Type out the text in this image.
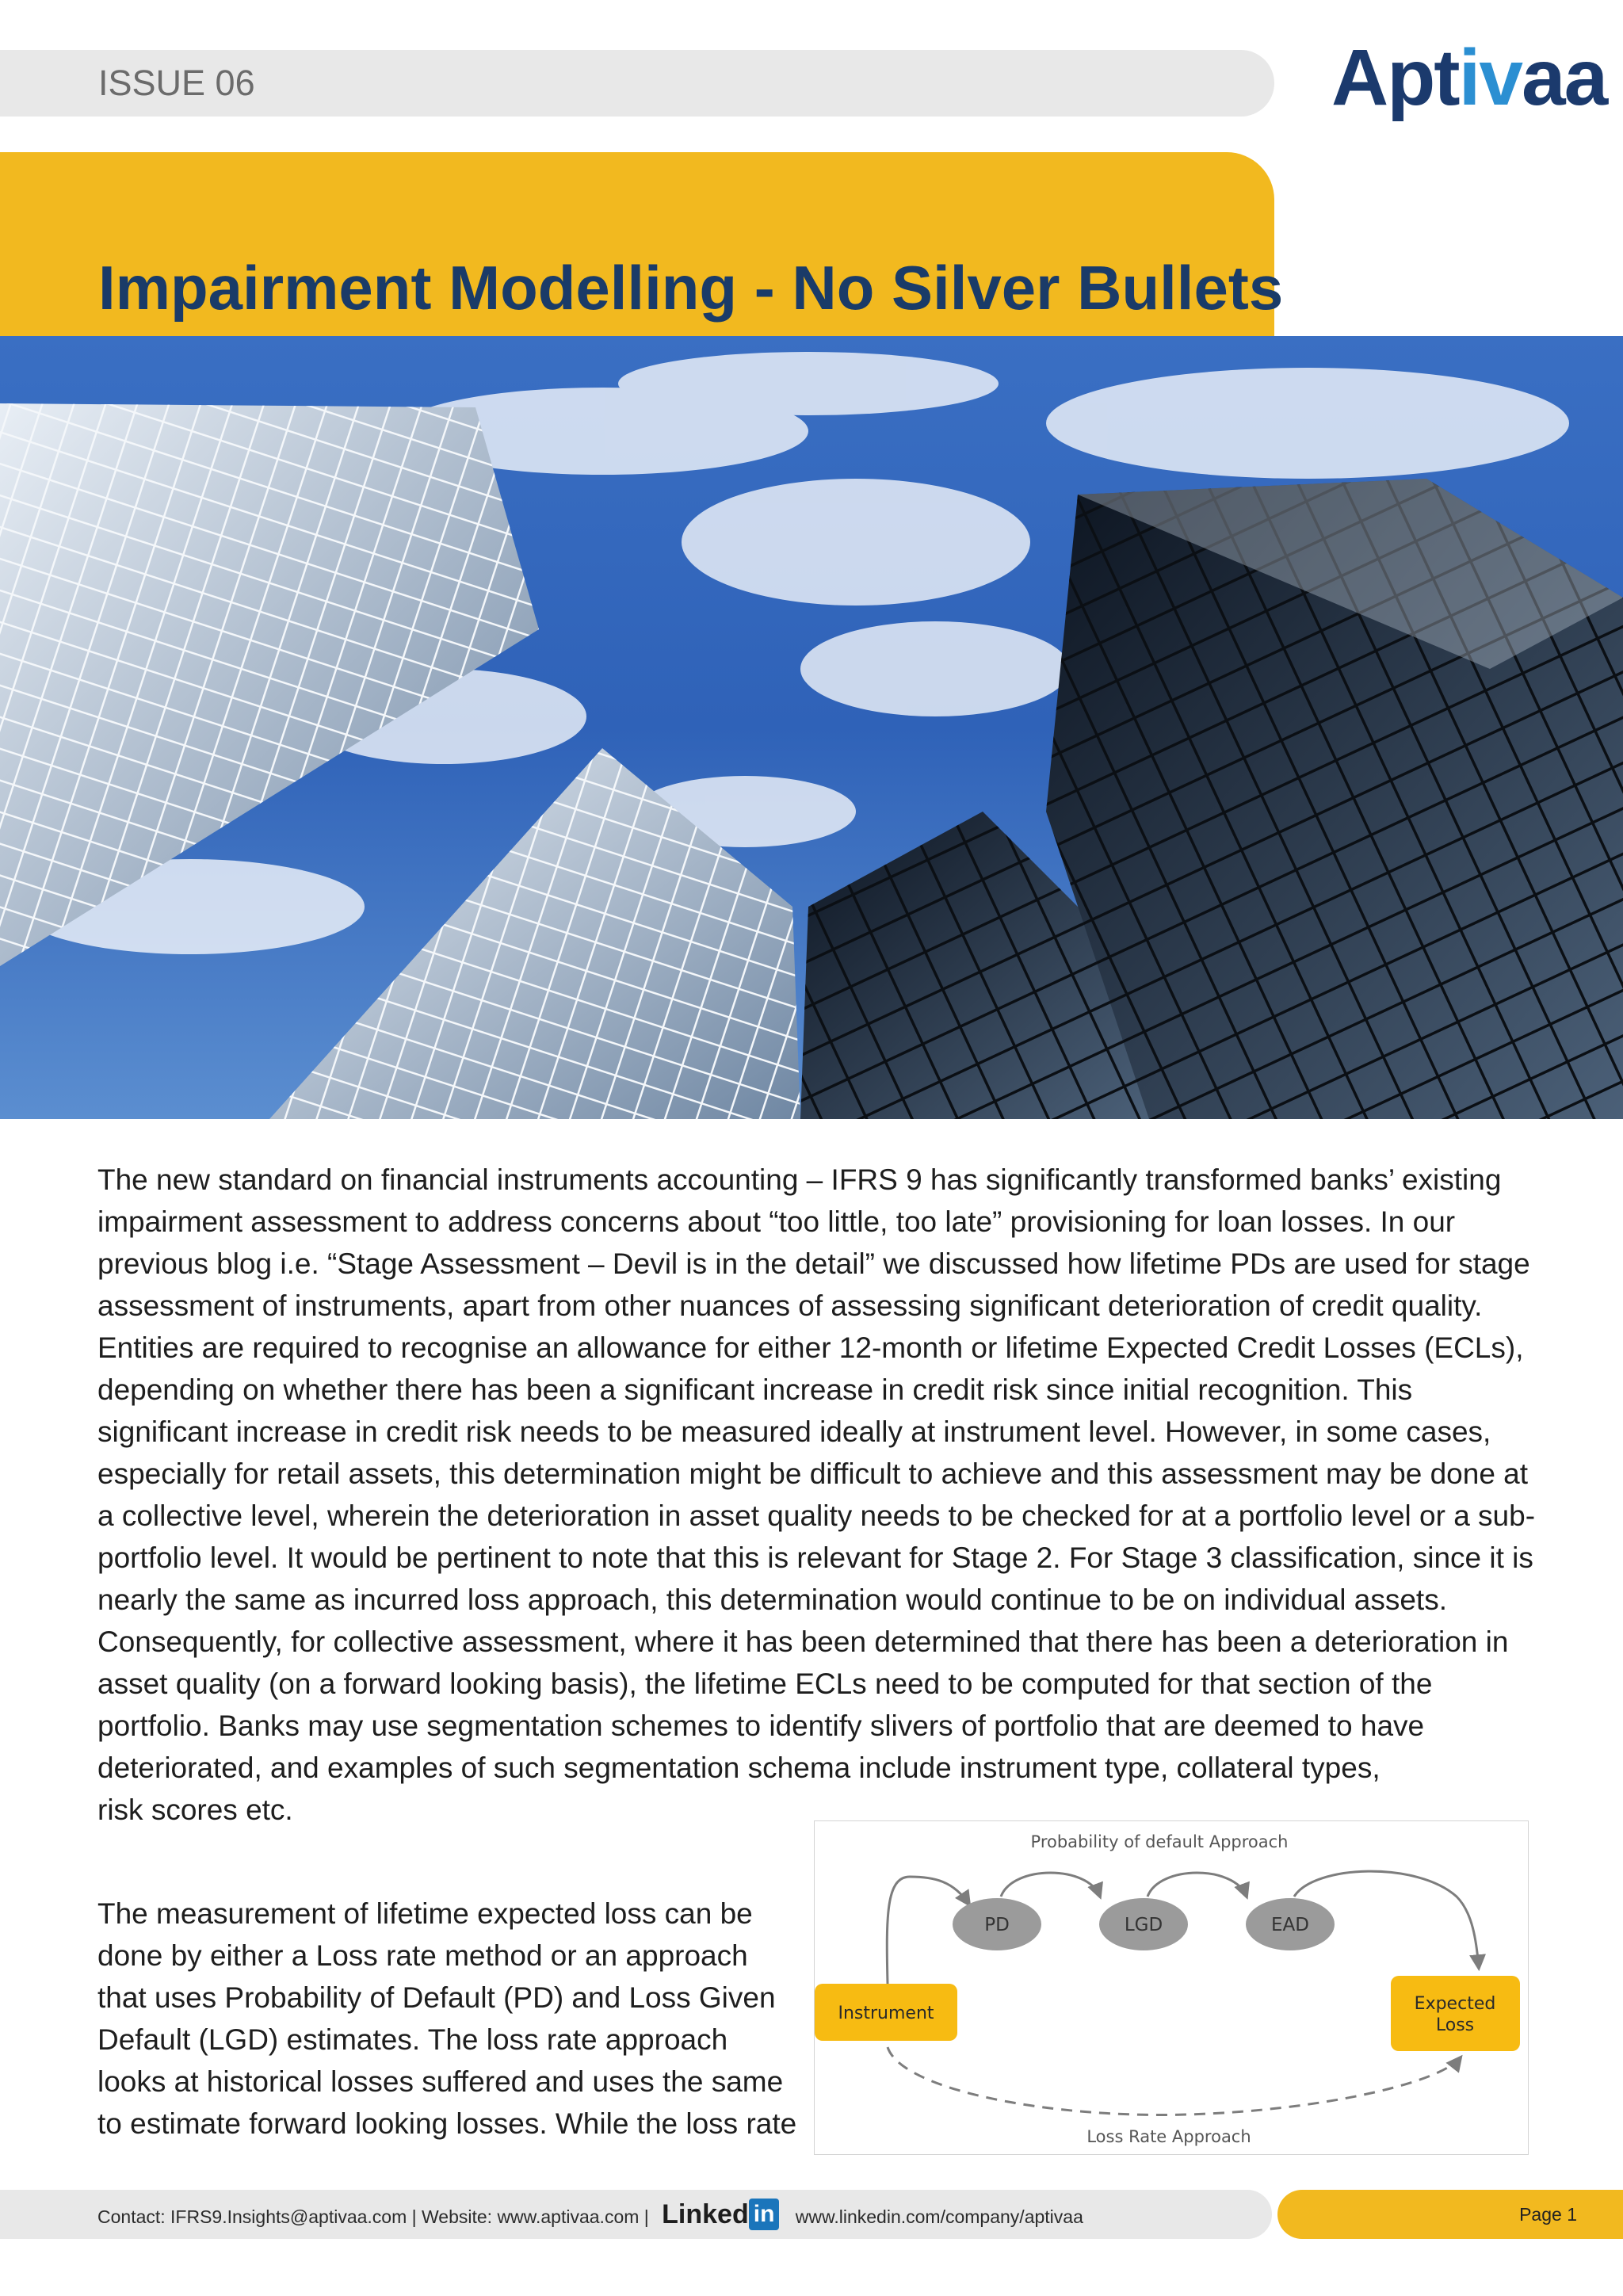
ISSUE 06	Aptivaa
Impairment Modelling - No Silver Bullets

The new standard on financial instruments accounting – IFRS 9 has significantly transformed banks’ existing impairment assessment to address concerns about “too little, too late” provisioning for loan losses. In our previous blog i.e. “Stage Assessment – Devil is in the detail” we discussed how lifetime PDs are used for stage assessment of instruments, apart from other nuances of assessing significant deterioration of credit quality. Entities are required to recognise an allowance for either 12-month or lifetime Expected Credit Losses (ECLs), depending on whether there has been a significant increase in credit risk since initial recognition. This significant increase in credit risk needs to be measured ideally at instrument level. However, in some cases, especially for retail assets, this determination might be difficult to achieve and this assessment may be done at a collective level, wherein the deterioration in asset quality needs to be checked for at a portfolio level or a sub-portfolio level. It would be pertinent to note that this is relevant for Stage 2. For Stage 3 classification, since it is nearly the same as incurred loss approach, this determination would continue to be on individual assets. Consequently, for collective assessment, where it has been determined that there has been a deterioration in asset quality (on a forward looking basis), the lifetime ECLs need to be computed for that section of the portfolio. Banks may use segmentation schemes to identify slivers of portfolio that are deemed to have deteriorated, and examples of such segmentation schema include instrument type, collateral types,

risk scores etc.

The measurement of lifetime expected loss can be done by either a Loss rate method or an approach that uses Probability of Default (PD) and Loss Given Default (LGD) estimates. The loss rate approach looks at historical losses suffered and uses the same to estimate forward looking losses. While the loss rate

Probability of default Approach
PD	LGD	EAD
Instrument	Expected
Loss
Loss Rate Approach
Contact: IFRS9.Insights@aptivaa.com | Website: www.aptivaa.com | Linked in www.linkedin.com/company/aptivaa	Page 1
